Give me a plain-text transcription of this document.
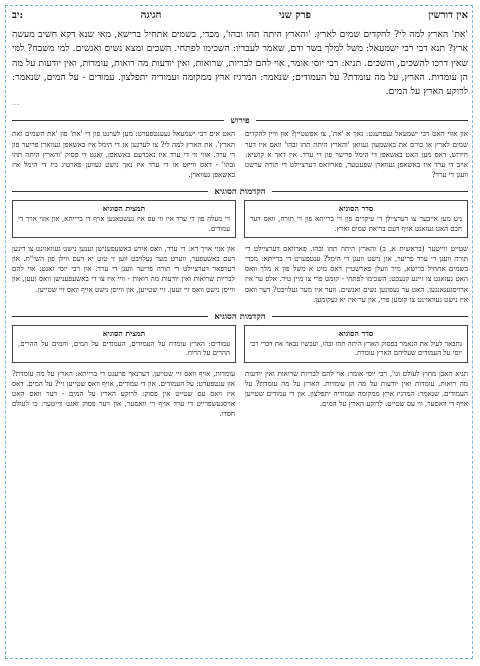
אין דורשין
פרק שני
חגיגה
יב:
'את' הארץ למה לי? להקדים שמים לארץ. 'והארץ היתה תהו ובהו', מכדי, בשמים אתחיל ברישא, מאי שנא דקא חשיב מעשה ארץ? תנא דבי רבי ישמעאל: משל למלך בשר ודם, שאמר לעבדיו: השכימו לפתחי. השכים ומצא נשים ואנשים. למי משבח? למי שאין דרכו להשכים, והשכים. תניא: רבי יוסי אומר, אוי להם לבריות, שרואות, ואין יודעות מה רואות, עומדות, ואין יודעות על מה הן עומדות. הארץ, על מה עומדת? על העמודים; שנאמר: המרגיז ארץ ממקומה ועמודיה יתפלצון. עמודים - על המים, שנאמר: לרוקע הארץ על המים.
...
פירוש
און אזוי האט רבי ישמעאל געפרעגט: נאך א 'את', צו אפשטיין? און וויין להקדים שמים לארץ או כורם את באשמעון געוואן 'והארץ היתה תהו ובהו' וואס איז דער חידוש, דאס מען האט באשאפן די הימל פריער פון די ערד. איז דאך א קושיא: אויב די ערד איז באשאפן געווארן שפעטער, פארוואס דערציילט די תורה ערשט וועגן די ערד?
האט אים רבי ישמעאל געענטפערט: מען לערנט פון די 'את' פון 'את השמים ואת הארץ'. את הארץ למה לי? צו לערנען אז די הימל איז באשאפן געווארן פריער פון די ערד. אזוי ווי די ערד איז נאכדעם באשאפן, זאגט די פסוק 'והארץ היתה תהו ובהו' - דאס ווייזט אז די ערד איז נאך נישט געווען פארטיג ביז די הימל איז באשאפן געווארן.
הקדמות הסוגיא
סדר הסוגיא
ניט מען אייבער צו דערציילן די עיקרים פון די ברייתא פון די תורה, וואס דער חכם האט געזאגט אויף דעם בריאת שמים וארץ.
תמצית הסוגיא
די מעלה פון די ערד איז ווי עס איז געשטאנען אויף די ברייתא, און אזוי אויך די עמודים.
שטייט ווייטער (בראשית א, ב) והארץ היתה תהו ובהו. פארוואס דערציילט די תורה וועגן די ערד פריער, און נישט וועגן די הימל? ענטפערט די ברייתא: מכדי בשמים אתחיל ברישא, מיר וועלן פארשטיין דאס מיט א משל פון א מלך וואס האט געזאגט צו זיינע קנעכט: השכימו לפתחי - קומט פרי צו מיין טיר. אלס ער איז ארויסגעגאנגען, האט ער געפונען נשים ואנשים. ווער איז מער געלויבט? דער וואס איז נישט געוואוינט צו קומען פרי, און ער איז יא געקומען.
און אזוי אויך דא: די ערד, וואס אירע באשעפענישן זענען נישט געוואוינט צו דינען דעם באשעפער, ווערט מער געלויבט ווען זי טוט יא דעם ווילן פון השי"ת. און דערפאר דערציילט די תורה פריער וועגן די ערד. און רבי יוסי זאגט: אוי להם לבריות שרואות ואין יודעות מה רואות - וויי איז צו די באשעפענישן וואס זעען, און ווייסן נישט וואס זיי זעען. זיי שטייען, און ווייסן נישט אויף וואס זיי שטייען.
הקדמות הסוגיא
סדר הסוגיא
נתבאר לעיל את הנאמר בפסוק הארץ היתה תהו ובהו, ועכשיו נבאר את דברי רבי יוסי על העמודים שעליהם הארץ עומדת.
תמצית הסוגיא
עמודים: הארץ עומדת על העמודים, העמודים על המים, והמים על ההרים, ההרים על הרוח.
תניא האבן מחוץ לעולם וגו', רבי יוסי אומר: אוי להם לבריות שרואות ואין יודעות מה רואות, עומדות ואין יודעות על מה הן עומדות. הארץ על מה עומדת? על העמודים, שנאמר: המרגיז ארץ ממקומה ועמודיה יתפלצון. און די עמודים שטייען אויף די וואסער, ווי עס שטייט: לרוקע הארץ על המים.
עומדות, אויף וואס זיי שטייען. דערנאך פרעגט די ברייתא: הארץ על מה עומדת? און ענטפערט: על העמודים. און די עמודים, אויף וואס שטייען זיי? על המים. דאס איז וואס עס שטייט אין פסוק: לרוקע הארץ על המים - דער וואס האט אויסגעשפרייט די ערד אויף די וואסער, און דער פסוק זאגט ווייטער: כי לעולם חסדו.
